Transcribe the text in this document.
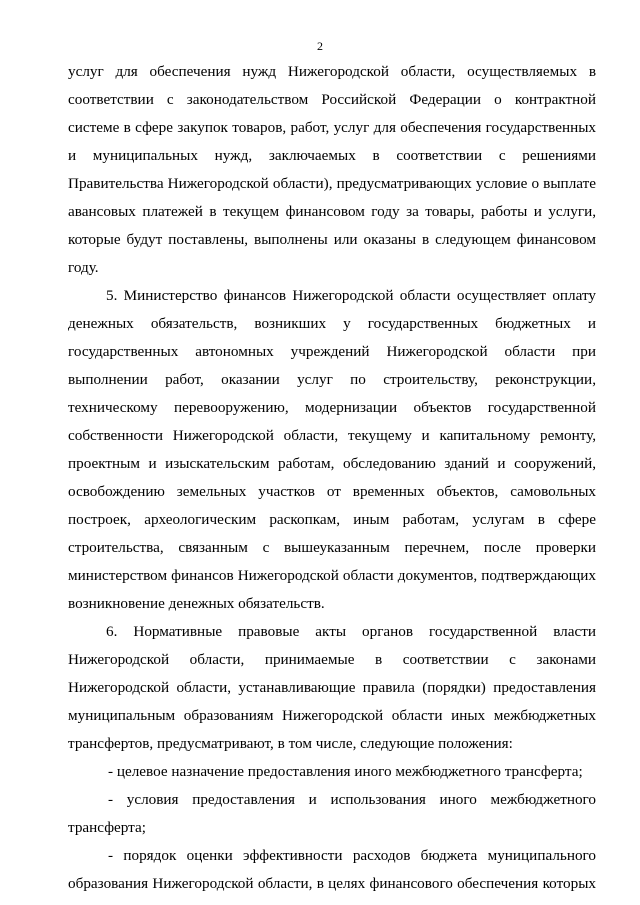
2
услуг для обеспечения нужд Нижегородской области, осуществляемых в
соответствии с законодательством Российской Федерации о контрактной
системе в сфере закупок товаров, работ, услуг для обеспечения государственных
и муниципальных нужд, заключаемых в соответствии с решениями
Правительства Нижегородской области), предусматривающих условие о выплате
авансовых платежей в текущем финансовом году за товары, работы и услуги,
которые будут поставлены, выполнены или оказаны в следующем финансовом
году.
5. Министерство финансов Нижегородской области осуществляет оплату
денежных обязательств, возникших у государственных бюджетных и
государственных автономных учреждений Нижегородской области при
выполнении работ, оказании услуг по строительству, реконструкции,
техническому перевооружению, модернизации объектов государственной
собственности Нижегородской области, текущему и капитальному ремонту,
проектным и изыскательским работам, обследованию зданий и сооружений,
освобождению земельных участков от временных объектов, самовольных
построек, археологическим раскопкам, иным работам, услугам в сфере
строительства, связанным с вышеуказанным перечнем, после проверки
министерством финансов Нижегородской области документов, подтверждающих
возникновение денежных обязательств.
6. Нормативные правовые акты органов государственной власти
Нижегородской области, принимаемые в соответствии с законами
Нижегородской области, устанавливающие правила (порядки) предоставления
муниципальным образованиям Нижегородской области иных межбюджетных
трансфертов, предусматривают, в том числе, следующие положения:
- целевое назначение предоставления иного межбюджетного трансферта;
- условия предоставления и использования иного межбюджетного
трансферта;
- порядок оценки эффективности расходов бюджета муниципального
образования Нижегородской области, в целях финансового обеспечения которых
